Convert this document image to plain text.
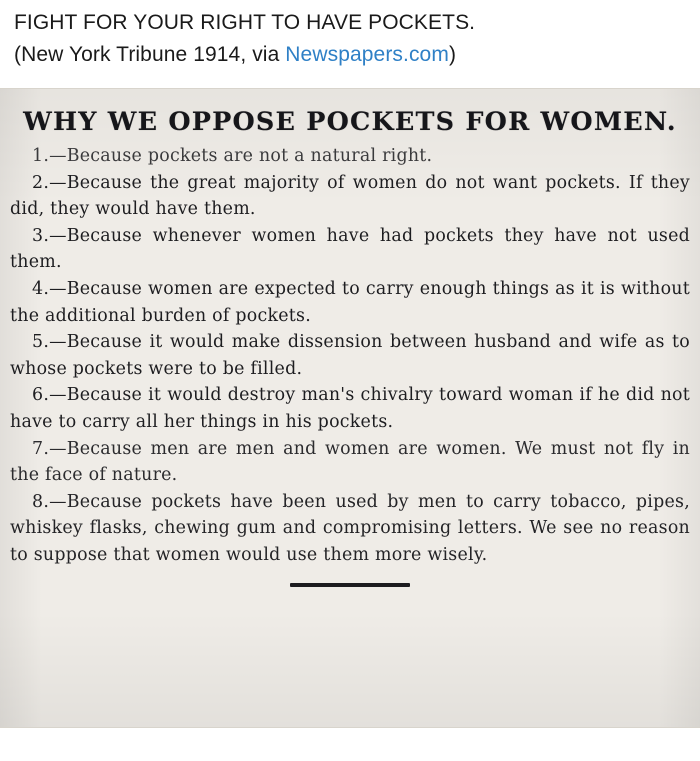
FIGHT FOR YOUR RIGHT TO HAVE POCKETS.
(New York Tribune 1914, via Newspapers.com)
WHY WE OPPOSE POCKETS FOR WOMEN.

1.—Because pockets are not a natural right.

2.—Because the great majority of women do not want pockets. If they did, they would have them.

3.—Because whenever women have had pockets they have not used them.

4.—Because women are expected to carry enough things as it is without the additional burden of pockets.

5.—Because it would make dissension between husband and wife as to whose pockets were to be filled.

6.—Because it would destroy man's chivalry toward woman if he did not have to carry all her things in his pockets.

7.—Because men are men and women are women. We must not fly in the face of nature.

8.—Because pockets have been used by men to carry tobacco, pipes, whiskey flasks, chewing gum and compromising letters. We see no reason to suppose that women would use them more wisely.
